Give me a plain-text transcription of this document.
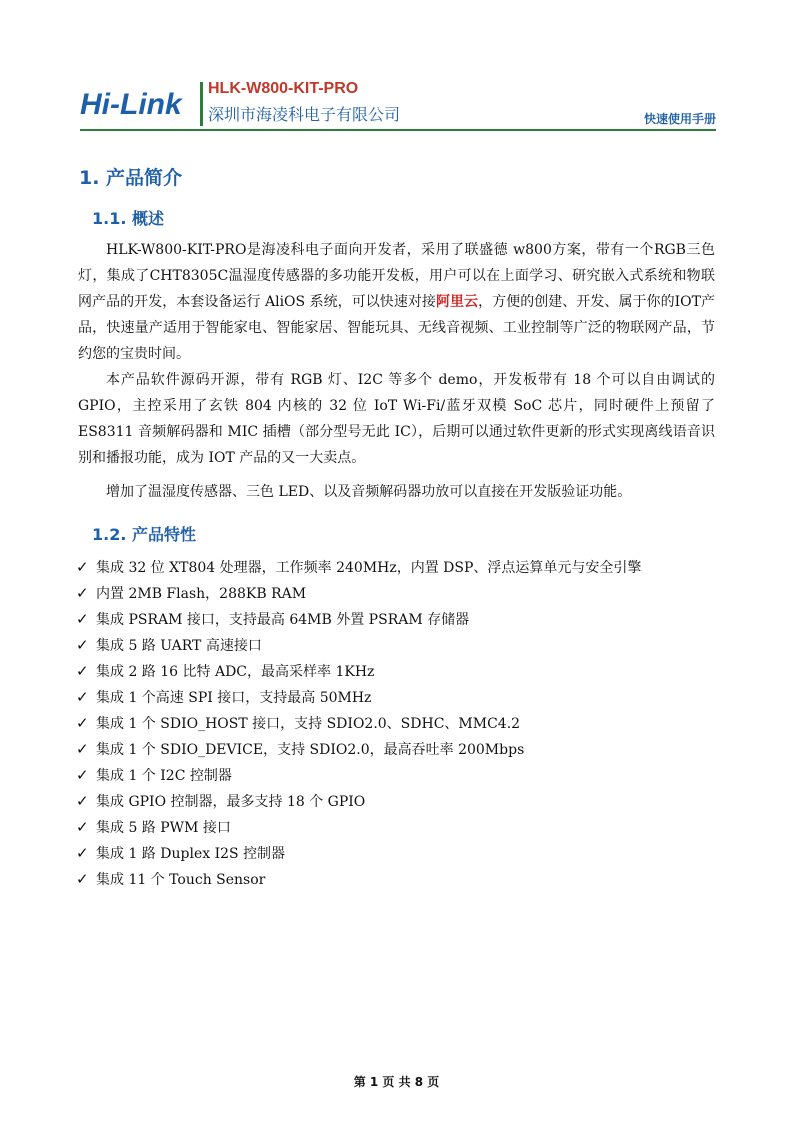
Hi-Link HLK-W800-KIT-PRO
深圳市海凌科电子有限公司	快速使用手册
1. 产品简介
1.1. 概述
HLK-W800-KIT-PRO是海凌科电子面向开发者，采用了联盛德 w800方案，带有一个RGB三色灯，集成了CHT8305C温湿度传感器的多功能开发板，用户可以在上面学习、研究嵌入式系统和物联网产品的开发，本套设备运行 AliOS 系统，可以快速对接阿里云，方便的创建、开发、属于你的IOT产品，快速量产适用于智能家电、智能家居、智能玩具、无线音视频、工业控制等广泛的物联网产品，节约您的宝贵时间。
本产品软件源码开源，带有 RGB 灯、I2C 等多个 demo，开发板带有 18 个可以自由调试的 GPIO，主控采用了玄铁 804 内核的 32 位 IoT Wi-Fi/蓝牙双模 SoC 芯片，同时硬件上预留了 ES8311 音频解码器和 MIC 插槽（部分型号无此 IC），后期可以通过软件更新的形式实现离线语音识别和播报功能，成为 IOT 产品的又一大卖点。
增加了温湿度传感器、三色 LED、以及音频解码器功放可以直接在开发版验证功能。
1.2. 产品特性
✓ 集成 32 位 XT804 处理器，工作频率 240MHz，内置 DSP、浮点运算单元与安全引擎
✓ 内置 2MB Flash，288KB RAM
✓ 集成 PSRAM 接口，支持最高 64MB 外置 PSRAM 存储器
✓ 集成 5 路 UART 高速接口
✓ 集成 2 路 16 比特 ADC，最高采样率 1KHz
✓ 集成 1 个高速 SPI 接口，支持最高 50MHz
✓ 集成 1 个 SDIO_HOST 接口，支持 SDIO2.0、SDHC、MMC4.2
✓ 集成 1 个 SDIO_DEVICE，支持 SDIO2.0，最高吞吐率 200Mbps
✓ 集成 1 个 I2C 控制器
✓ 集成 GPIO 控制器，最多支持 18 个 GPIO
✓ 集成 5 路 PWM 接口
✓ 集成 1 路 Duplex I2S 控制器
✓ 集成 11 个 Touch Sensor
第 1 页 共 8 页
